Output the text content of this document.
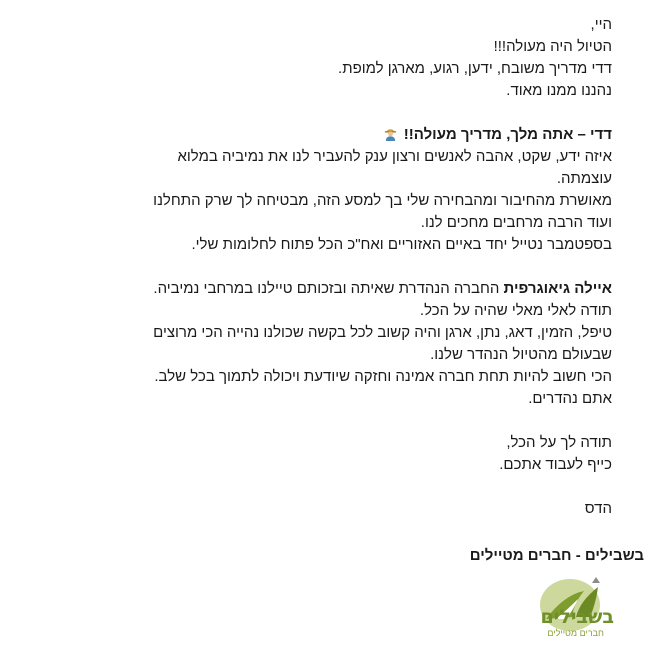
היי,
הטיול היה מעולה!!!
דדי מדריך משובח, ידען, רגוע, מארגן למופת.
נהננו ממנו מאוד.
דדי – אתה מלך, מדריך מעולה!!
איזה ידע, שקט, אהבה לאנשים ורצון ענק להעביר לנו את נמיביה במלוא
עוצמתה.
מאושרת מהחיבור ומהבחירה שלי בך למסע הזה, מבטיחה לך שרק התחלנו
ועוד הרבה מרחבים מחכים לנו.
בספטמבר נטייל יחד באיים האזוריים ואח"כ הכל פתוח לחלומות שלי.
איילה גיאוגרפית החברה הנהדרת שאיתה ובזכותם טיילנו במרחבי נמיביה.
תודה לאלי מאלי שהיה על הכל.
טיפל, הזמין, דאג, נתן, ארגן והיה קשוב לכל בקשה שכולנו נהייה הכי מרוצים
שבעולם מהטיול הנהדר שלנו.
הכי חשוב להיות תחת חברה אמינה וחזקה שיודעת ויכולה לתמוך בכל שלב.
אתם נהדרים.
תודה לך על הכל,
כייף לעבוד אתכם.
הדס
בשבילים - חברים מטיילים
בשבילים
חברים מטיילים
